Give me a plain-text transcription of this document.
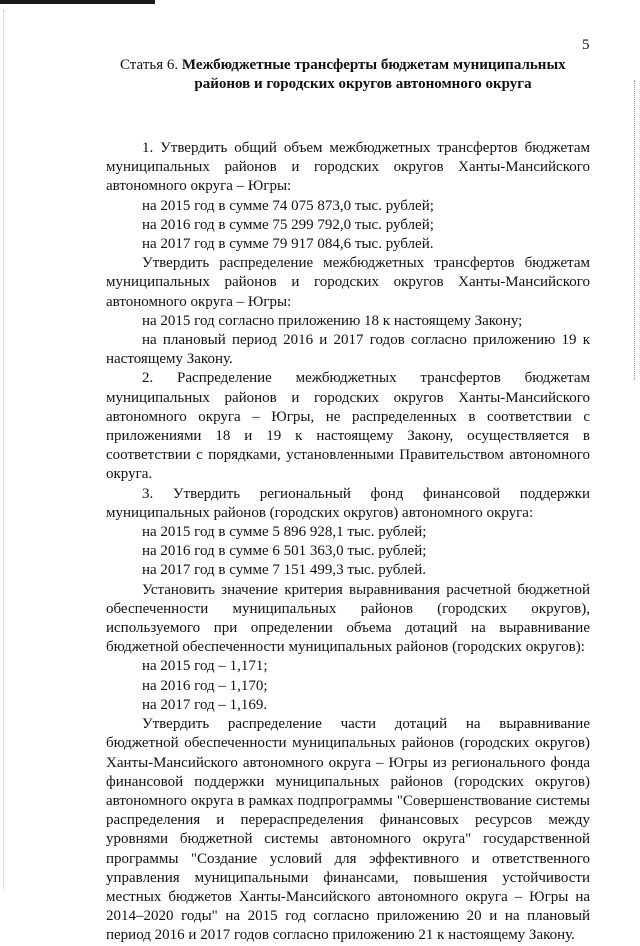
5
Статья 6. Межбюджетные трансферты бюджетам муниципальных
районов и городских округов автономного округа

1. Утвердить общий объем межбюджетных трансфертов бюджетам муниципальных районов и городских округов Ханты-Мансийского автономного округа – Югры:

на 2015 год в сумме 74 075 873,0 тыс. рублей;

на 2016 год в сумме 75 299 792,0 тыс. рублей;

на 2017 год в сумме 79 917 084,6 тыс. рублей.

Утвердить распределение межбюджетных трансфертов бюджетам муниципальных районов и городских округов Ханты-Мансийского автономного округа – Югры:

на 2015 год согласно приложению 18 к настоящему Закону;

на плановый период 2016 и 2017 годов согласно приложению 19 к настоящему Закону.

2. Распределение межбюджетных трансфертов бюджетам муниципальных районов и городских округов Ханты-Мансийского автономного округа – Югры, не распределенных в соответствии с приложениями 18 и 19 к настоящему Закону, осуществляется в соответствии с порядками, установленными Правительством автономного округа.

3. Утвердить региональный фонд финансовой поддержки муниципальных районов (городских округов) автономного округа:

на 2015 год в сумме 5 896 928,1 тыс. рублей;

на 2016 год в сумме 6 501 363,0 тыс. рублей;

на 2017 год в сумме 7 151 499,3 тыс. рублей.

Установить значение критерия выравнивания расчетной бюджетной обеспеченности муниципальных районов (городских округов), используемого при определении объема дотаций на выравнивание бюджетной обеспеченности муниципальных районов (городских округов):

на 2015 год – 1,171;

на 2016 год – 1,170;

на 2017 год – 1,169.

Утвердить распределение части дотаций на выравнивание бюджетной обеспеченности муниципальных районов (городских округов) Ханты-Мансийского автономного округа – Югры из регионального фонда финансовой поддержки муниципальных районов (городских округов) автономного округа в рамках подпрограммы "Совершенствование системы распределения и перераспределения финансовых ресурсов между уровнями бюджетной системы автономного округа" государственной программы "Создание условий для эффективного и ответственного управления муниципальными финансами, повышения устойчивости местных бюджетов Ханты-Мансийского автономного округа – Югры на 2014–2020 годы" на 2015 год согласно приложению 20 и на плановый период 2016 и 2017 годов согласно приложению 21 к настоящему Закону.
